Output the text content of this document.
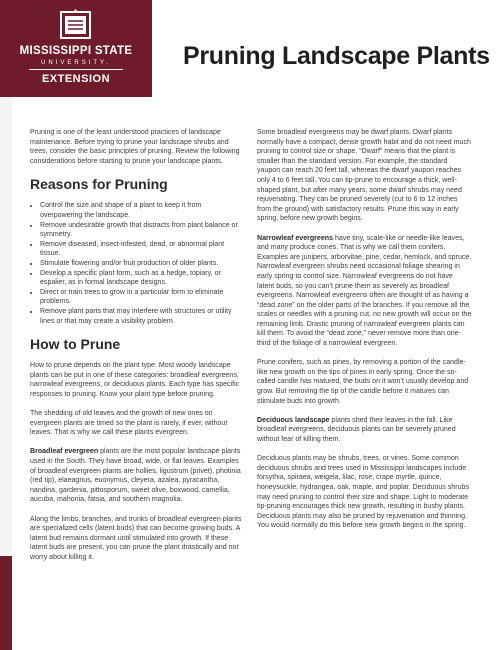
MISSISSIPPI STATE
UNIVERSITY.
EXTENSION
Pruning Landscape Plants

Pruning is one of the least understood practices of landscape maintenance. Before trying to prune your landscape shrubs and trees, consider the basic principles of pruning. Review the following considerations before starting to prune your landscape plants.

Reasons for Pruning
• Control the size and shape of a plant to keep it from overpowering the landscape.
• Remove undesirable growth that distracts from plant balance or symmetry.
• Remove diseased, insect-infested, dead, or abnormal plant tissue.
• Stimulate flowering and/or fruit production of older plants.
• Develop a specific plant form, such as a hedge, topiary, or espalier, as in formal landscape designs.
• Direct or train trees to grow in a particular form to eliminate problems.
• Remove plant parts that may interfere with structures or utility lines or that may create a visibility problem.
How to Prune

How to prune depends on the plant type. Most woody landscape plants can be put in one of these categories: broadleaf evergreens, narrowleaf evergreens, or deciduous plants. Each type has specific responses to pruning. Know your plant type before pruning.

The shedding of old leaves and the growth of new ones on evergreen plants are timed so the plant is rarely, if ever, without leaves. That is why we call these plants evergreen.

Broadleaf evergreen plants are the most popular landscape plants used in the South. They have broad, wide, or flat leaves. Examples of broadleaf evergreen plants are hollies, ligustrum (privet), photinia (red tip), elaeagnus, euonymus, cleyera, azalea, pyracantha, nandina, gardenia, pittosporum, sweet olive, boxwood, camellia, aucuba, mahonia, fatsia, and southern magnolia.

Along the limbs, branches, and trunks of broadleaf evergreen plants are specialized cells (latent buds) that can become growing buds. A latent bud remains dormant until stimulated into growth. If these latent buds are present, you can prune the plant drastically and not worry about killing it.

Some broadleaf evergreens may be dwarf plants. Dwarf plants normally have a compact, dense growth habit and do not need much pruning to control size or shape. “Dwarf” means that the plant is smaller than the standard version. For example, the standard yaupon can reach 20 feet tall, whereas the dwarf yaupon reaches only 4 to 6 feet tall. You can tip-prune to encourage a thick, well-shaped plant, but after many years, some dwarf shrubs may need rejuvenating. They can be pruned severely (cut to 6 to 12 inches from the ground) with satisfactory results. Prune this way in early spring, before new growth begins.

Narrowleaf evergreens have tiny, scale-like or needle-like leaves, and many produce cones. That is why we call them conifers. Examples are junipers, arborvitae, pine, cedar, hemlock, and spruce. Narrowleaf evergreen shrubs need occasional foliage shearing in early spring to control size. Narrowleaf evergreens do not have latent buds, so you can’t prune them as severely as broadleaf evergreens. Narrowleaf evergreens often are thought of as having a “dead zone” on the older parts of the branches. If you remove all the scales or needles with a pruning cut, no new growth will occur on the remaining limb. Drastic pruning of narrowleaf evergreen plants can kill them. To avoid the “dead zone,” never remove more than one-third of the foliage of a narrowleaf evergreen.

Prune conifers, such as pines, by removing a portion of the candle-like new growth on the tips of pines in early spring. Once the so-called candle has matured, the buds on it won’t usually develop and grow. But removing the tip of the candle before it matures can stimulate buds into growth.

Deciduous landscape plants shed their leaves in the fall. Like broadleaf evergreens, deciduous plants can be severely pruned without fear of killing them.

Deciduous plants may be shrubs, trees, or vines. Some common deciduous shrubs and trees used in Mississippi landscapes include forsythia, spiraea, weigela, lilac, rose, crape myrtle, quince, honeysuckle, hydrangea, oak, maple, and poplar. Deciduous shrubs may need pruning to control their size and shape. Light to moderate tip-pruning encourages thick new growth, resulting in bushy plants. Deciduous plants may also be pruned by rejuvenation and thinning. You would normally do this before new growth begins in the spring.
